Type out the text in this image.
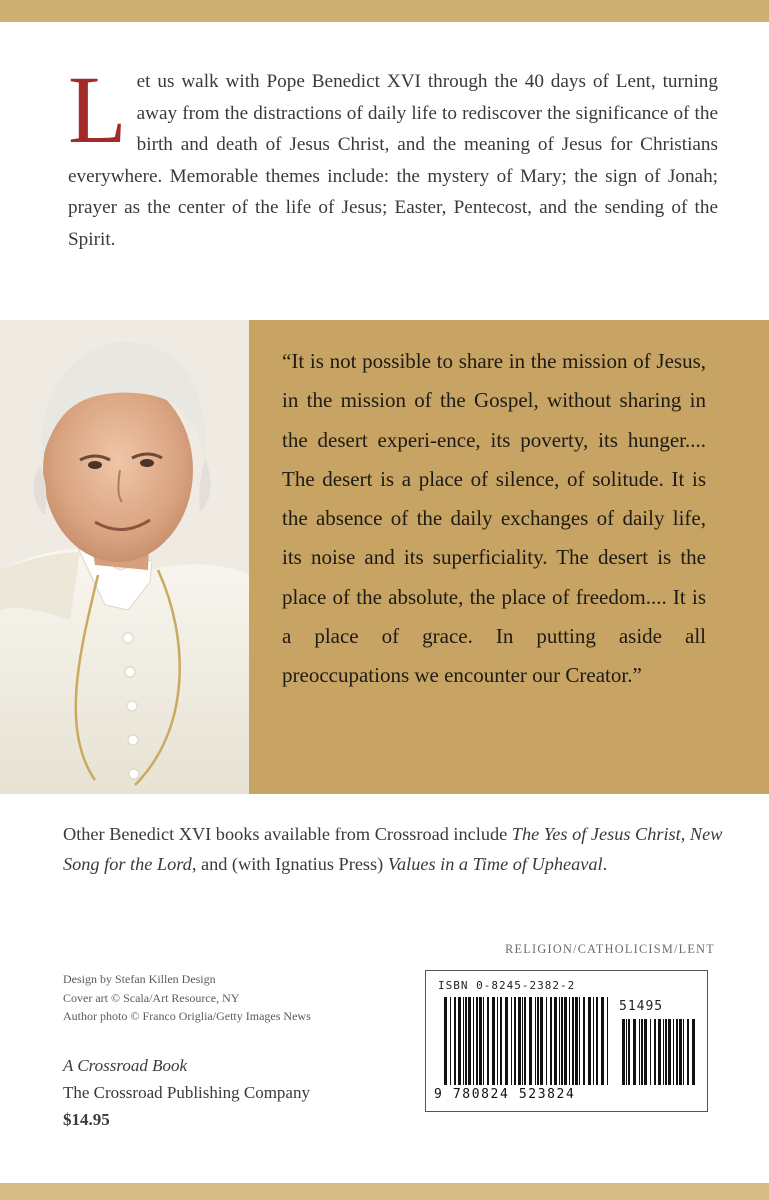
L et us walk with Pope Benedict XVI through the 40 days of Lent, turning away from the distractions of daily life to rediscover the significance of the birth and death of Jesus Christ, and the meaning of Jesus for Christians everywhere. Memorable themes include: the mystery of Mary; the sign of Jonah; prayer as the center of the life of Jesus; Easter, Pentecost, and the sending of the Spirit.
“It is not possible to share in the mission of Jesus, in the mission of the Gospel, without sharing in the desert experi-ence, its poverty, its hunger.... The desert is a place of silence, of solitude. It is the absence of the daily exchanges of daily life, its noise and its superficiality. The desert is the place of the absolute, the place of freedom.... It is a place of grace. In putting aside all preoccupations we encounter our Creator.”
Other Benedict XVI books available from Crossroad include The Yes of Jesus Christ, New Song for the Lord, and (with Ignatius Press) Values in a Time of Upheaval.
RELIGION/CATHOLICISM/LENT
Design by Stefan Killen Design
Cover art © Scala/Art Resource, NY
Author photo © Franco Origlia/Getty Images News
A Crossroad Book
The Crossroad Publishing Company
$14.95
ISBN 0-8245-2382-2
51495
9 780824 523824
